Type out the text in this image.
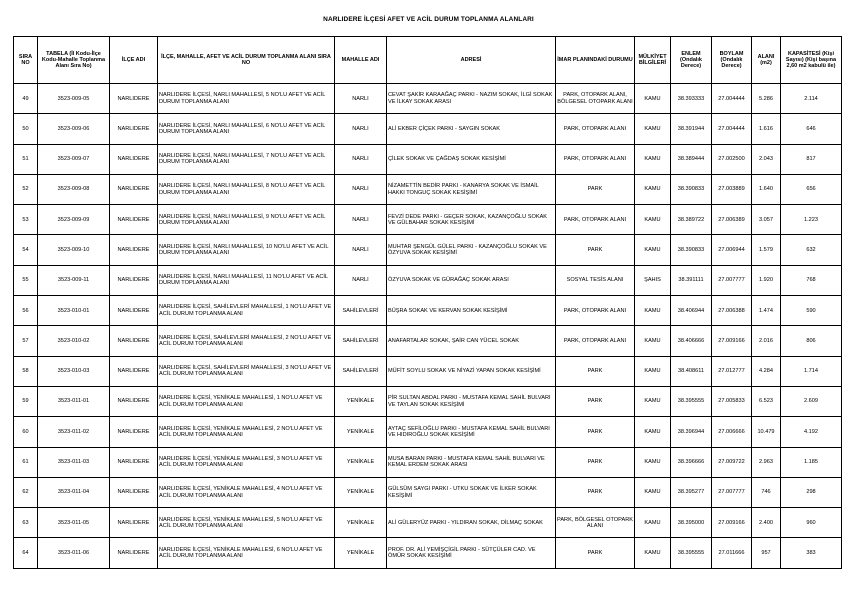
NARLIDERE İLÇESİ AFET VE ACİL DURUM TOPLANMA ALANLARI
SIRA NO	TABELA (İl Kodu-İlçe Kodu-Mahalle Toplanma Alanı Sıra No)	İLÇE ADI	İLÇE, MAHALLE, AFET VE ACİL DURUM TOPLANMA ALANI SIRA NO	MAHALLE ADI	ADRESİ	İMAR PLANINDAKİ DURUMU	MÜLKİYET BİLGİLERİ	ENLEM (Ondalık Derece)	BOYLAM (Ondalık Derece)	ALANI (m2)	KAPASİTESİ (Kişi Sayısı) (Kişi başına 2,60 m2 kabulü ile)
49	3523-009-05	NARLIDERE	NARLIDERE İLÇESİ, NARLI MAHALLESİ, 5 NO'LU AFET VE ACİL DURUM TOPLANMA ALANI	NARLI	CEVAT ŞAKİR KARAAĞAÇ PARKI - NAZIM SOKAK, İLGİ SOKAK VE İLKAY SOKAK ARASI	PARK, OTOPARK ALANI, BÖLGESEL OTOPARK ALANI	KAMU	38.393333	27.004444	5.286	2.114
50	3523-009-06	NARLIDERE	NARLIDERE İLÇESİ, NARLI MAHALLESİ, 6 NO'LU AFET VE ACİL DURUM TOPLANMA ALANI	NARLI	ALİ EKBER ÇİÇEK PARKI - SAYGIN SOKAK	PARK, OTOPARK ALANI	KAMU	38.391944	27.004444	1.616	646
51	3523-009-07	NARLIDERE	NARLIDERE İLÇESİ, NARLI MAHALLESİ, 7 NO'LU AFET VE ACİL DURUM TOPLANMA ALANI	NARLI	ÇİLEK SOKAK VE ÇAĞDAŞ SOKAK KESİŞİMİ	PARK, OTOPARK ALANI	KAMU	38.389444	27.002500	2.043	817
52	3523-009-08	NARLIDERE	NARLIDERE İLÇESİ, NARLI MAHALLESİ, 8 NO'LU AFET VE ACİL DURUM TOPLANMA ALANI	NARLI	NİZAMETTİN BEDİR PARKI - KANARYA SOKAK VE İSMAİL HAKKI TONGUÇ SOKAK KESİŞİMİ	PARK	KAMU	38.390833	27.003889	1.640	656
53	3523-009-09	NARLIDERE	NARLIDERE İLÇESİ, NARLI MAHALLESİ, 9 NO'LU AFET VE ACİL DURUM TOPLANMA ALANI	NARLI	FEVZİ DEDE PARKI - GEÇER SOKAK, KAZANÇOĞLU SOKAK VE GÜLBAHAR SOKAK KESİŞİMİ	PARK, OTOPARK ALANI	KAMU	38.389722	27.006389	3.057	1.223
54	3523-009-10	NARLIDERE	NARLIDERE İLÇESİ, NARLI MAHALLESİ, 10 NO'LU AFET VE ACİL DURUM TOPLANMA ALANI	NARLI	MUHTAR ŞENGÜL GÜLEL PARKI - KAZANÇOĞLU SOKAK VE ÖZYUVA SOKAK KESİŞİMİ	PARK	KAMU	38.390833	27.006944	1.579	632
55	3523-009-11	NARLIDERE	NARLIDERE İLÇESİ, NARLI MAHALLESİ, 11 NO'LU AFET VE ACİL DURUM TOPLANMA ALANI	NARLI	ÖZYUVA SOKAK VE GÜRAĞAÇ SOKAK ARASI	SOSYAL TESİS ALANI	ŞAHIS	38.391111	27.007777	1.920	768
56	3523-010-01	NARLIDERE	NARLIDERE İLÇESİ, SAHİLEVLERİ MAHALLESİ, 1 NO'LU AFET VE ACİL DURUM TOPLANMA ALANI	SAHİLEVLERİ	BÜŞRA SOKAK VE KERVAN SOKAK KESİŞİMİ	PARK, OTOPARK ALANI	KAMU	38.406944	27.006388	1.474	590
57	3523-010-02	NARLIDERE	NARLIDERE İLÇESİ, SAHİLEVLERİ MAHALLESİ, 2 NO'LU AFET VE ACİL DURUM TOPLANMA ALANI	SAHİLEVLERİ	ANAFARTALAR SOKAK, ŞAİR CAN YÜCEL SOKAK	PARK, OTOPARK ALANI	KAMU	38.406666	27.009166	2.016	806
58	3523-010-03	NARLIDERE	NARLIDERE İLÇESİ, SAHİLEVLERİ MAHALLESİ, 3 NO'LU AFET VE ACİL DURUM TOPLANMA ALANI	SAHİLEVLERİ	MÜFİT SOYLU SOKAK VE NİYAZİ YAPAN SOKAK KESİŞİMİ	PARK	KAMU	38.408611	27.012777	4.284	1.714
59	3523-011-01	NARLIDERE	NARLIDERE İLÇESİ, YENİKALE MAHALLESİ, 1 NO'LU AFET VE ACİL DURUM TOPLANMA ALANI	YENİKALE	PİR SULTAN ABDAL PARKI - MUSTAFA KEMAL SAHİL BULVARI VE TAYLAN SOKAK KESİŞİMİ	PARK	KAMU	38.395555	27.005833	6.523	2.609
60	3523-011-02	NARLIDERE	NARLIDERE İLÇESİ, YENİKALE MAHALLESİ, 2 NO'LU AFET VE ACİL DURUM TOPLANMA ALANI	YENİKALE	AYTAÇ SEFİLOĞLU PARKI - MUSTAFA KEMAL SAHİL BULVARI VE HIDIROĞLU SOKAK KESİŞİMİ	PARK	KAMU	38.396944	27.006666	10.479	4.192
61	3523-011-03	NARLIDERE	NARLIDERE İLÇESİ, YENİKALE MAHALLESİ, 3 NO'LU AFET VE ACİL DURUM TOPLANMA ALANI	YENİKALE	MUSA BARAN PARKI - MUSTAFA KEMAL SAHİL BULVARI VE KEMAL ERDEM SOKAK ARASI	PARK	KAMU	38.396666	27.009722	2.963	1.185
62	3523-011-04	NARLIDERE	NARLIDERE İLÇESİ, YENİKALE MAHALLESİ, 4 NO'LU AFET VE ACİL DURUM TOPLANMA ALANI	YENİKALE	GÜLSÜM SAYGI PARKI - UTKU SOKAK VE İLKER SOKAK KESİŞİMİ	PARK	KAMU	38.395277	27.007777	746	298
63	3523-011-05	NARLIDERE	NARLIDERE İLÇESİ, YENİKALE MAHALLESİ, 5 NO'LU AFET VE ACİL DURUM TOPLANMA ALANI	YENİKALE	ALİ GÜLERYÜZ PARKI - YILDIRAN SOKAK, DİLMAÇ SOKAK	PARK, BÖLGESEL OTOPARK ALANI	KAMU	38.395000	27.009166	2.400	960
64	3523-011-06	NARLIDERE	NARLIDERE İLÇESİ, YENİKALE MAHALLESİ, 6 NO'LU AFET VE ACİL DURUM TOPLANMA ALANI	YENİKALE	PROF. DR. ALİ YEMİŞÇİGİL PARKI - SÜTÇÜLER CAD. VE ÖMÜR SOKAK KESİŞİMİ	PARK	KAMU	38.395555	27.011666	957	383
